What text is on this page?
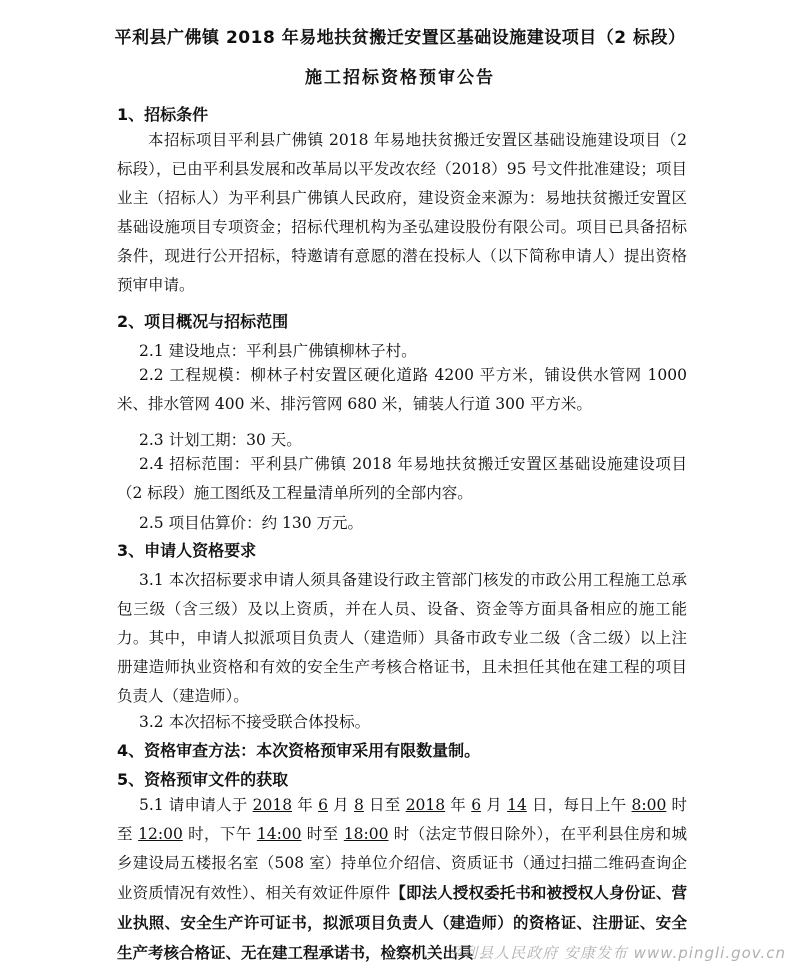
平利县广佛镇 2018 年易地扶贫搬迁安置区基础设施建设项目（2 标段）
施工招标资格预审公告
1、招标条件
本招标项目平利县广佛镇 2018 年易地扶贫搬迁安置区基础设施建设项目（2 标段），已由平利县发展和改革局以平发改农经（2018）95 号文件批准建设；项目业主（招标人）为平利县广佛镇人民政府，建设资金来源为：易地扶贫搬迁安置区基础设施项目专项资金；招标代理机构为圣弘建设股份有限公司。项目已具备招标条件，现进行公开招标，特邀请有意愿的潜在投标人（以下简称申请人）提出资格预审申请。
2、项目概况与招标范围
2.1 建设地点：平利县广佛镇柳林子村。
2.2 工程规模：柳林子村安置区硬化道路 4200 平方米，铺设供水管网 1000 米、排水管网 400 米、排污管网 680 米，铺装人行道 300 平方米。
2.3 计划工期：30 天。
2.4 招标范围：平利县广佛镇 2018 年易地扶贫搬迁安置区基础设施建设项目（2 标段）施工图纸及工程量清单所列的全部内容。
2.5 项目估算价：约 130 万元。
3、申请人资格要求
3.1 本次招标要求申请人须具备建设行政主管部门核发的市政公用工程施工总承包三级（含三级）及以上资质，并在人员、设备、资金等方面具备相应的施工能力。其中，申请人拟派项目负责人（建造师）具备市政专业二级（含二级）以上注册建造师执业资格和有效的安全生产考核合格证书，且未担任其他在建工程的项目负责人（建造师）。
3.2 本次招标不接受联合体投标。
4、资格审查方法：本次资格预审采用有限数量制。
5、资格预审文件的获取
5.1 请申请人于 2018 年 6 月 8 日至 2018 年 6 月 14 日，每日上午 8:00 时至 12:00 时，下午 14:00 时至 18:00 时（法定节假日除外），在平利县住房和城乡建设局五楼报名室（508 室）持单位介绍信、资质证书（通过扫描二维码查询企业资质情况有效性）、相关有效证件原件【即法人授权委托书和被授权人身份证、营业执照、安全生产许可证书，拟派项目负责人（建造师）的资格证、注册证、安全生产考核合格证、无在建工程承诺书，检察机关出具
平利县人民政府 安康发布 www.pingli.gov.cn
